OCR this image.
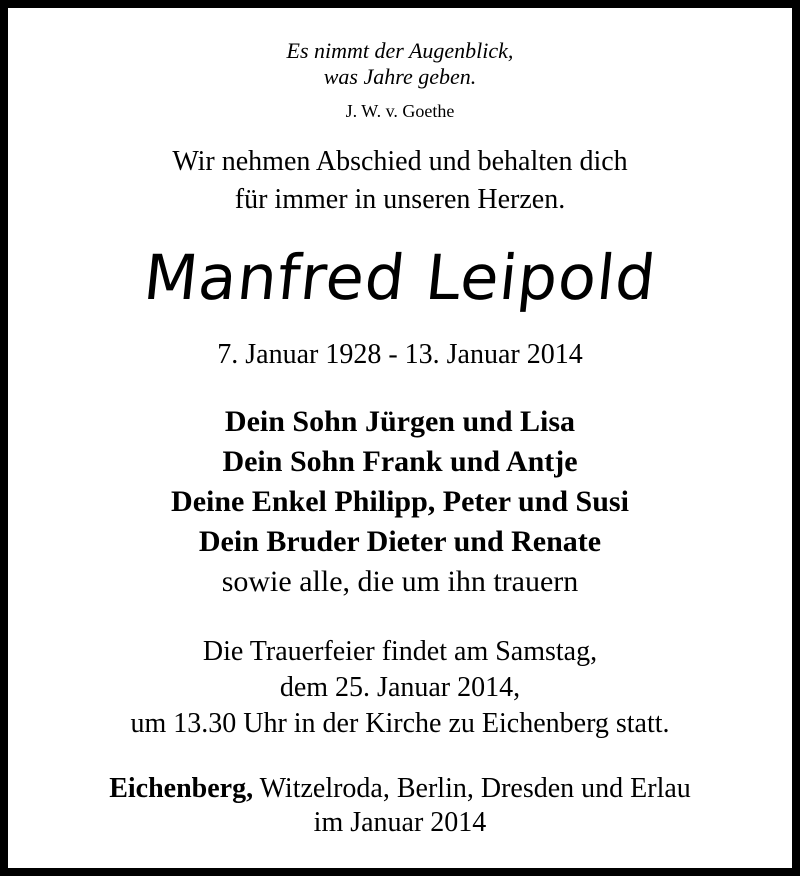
Es nimmt der Augenblick,
was Jahre geben.
J. W. v. Goethe
Wir nehmen Abschied und behalten dich
für immer in unseren Herzen.
Manfred Leipold
7. Januar 1928 - 13. Januar 2014
Dein Sohn Jürgen und Lisa
Dein Sohn Frank und Antje
Deine Enkel Philipp, Peter und Susi
Dein Bruder Dieter und Renate
sowie alle, die um ihn trauern
Die Trauerfeier findet am Samstag,
dem 25. Januar 2014,
um 13.30 Uhr in der Kirche zu Eichenberg statt.
Eichenberg, Witzelroda, Berlin, Dresden und Erlau
im Januar 2014
